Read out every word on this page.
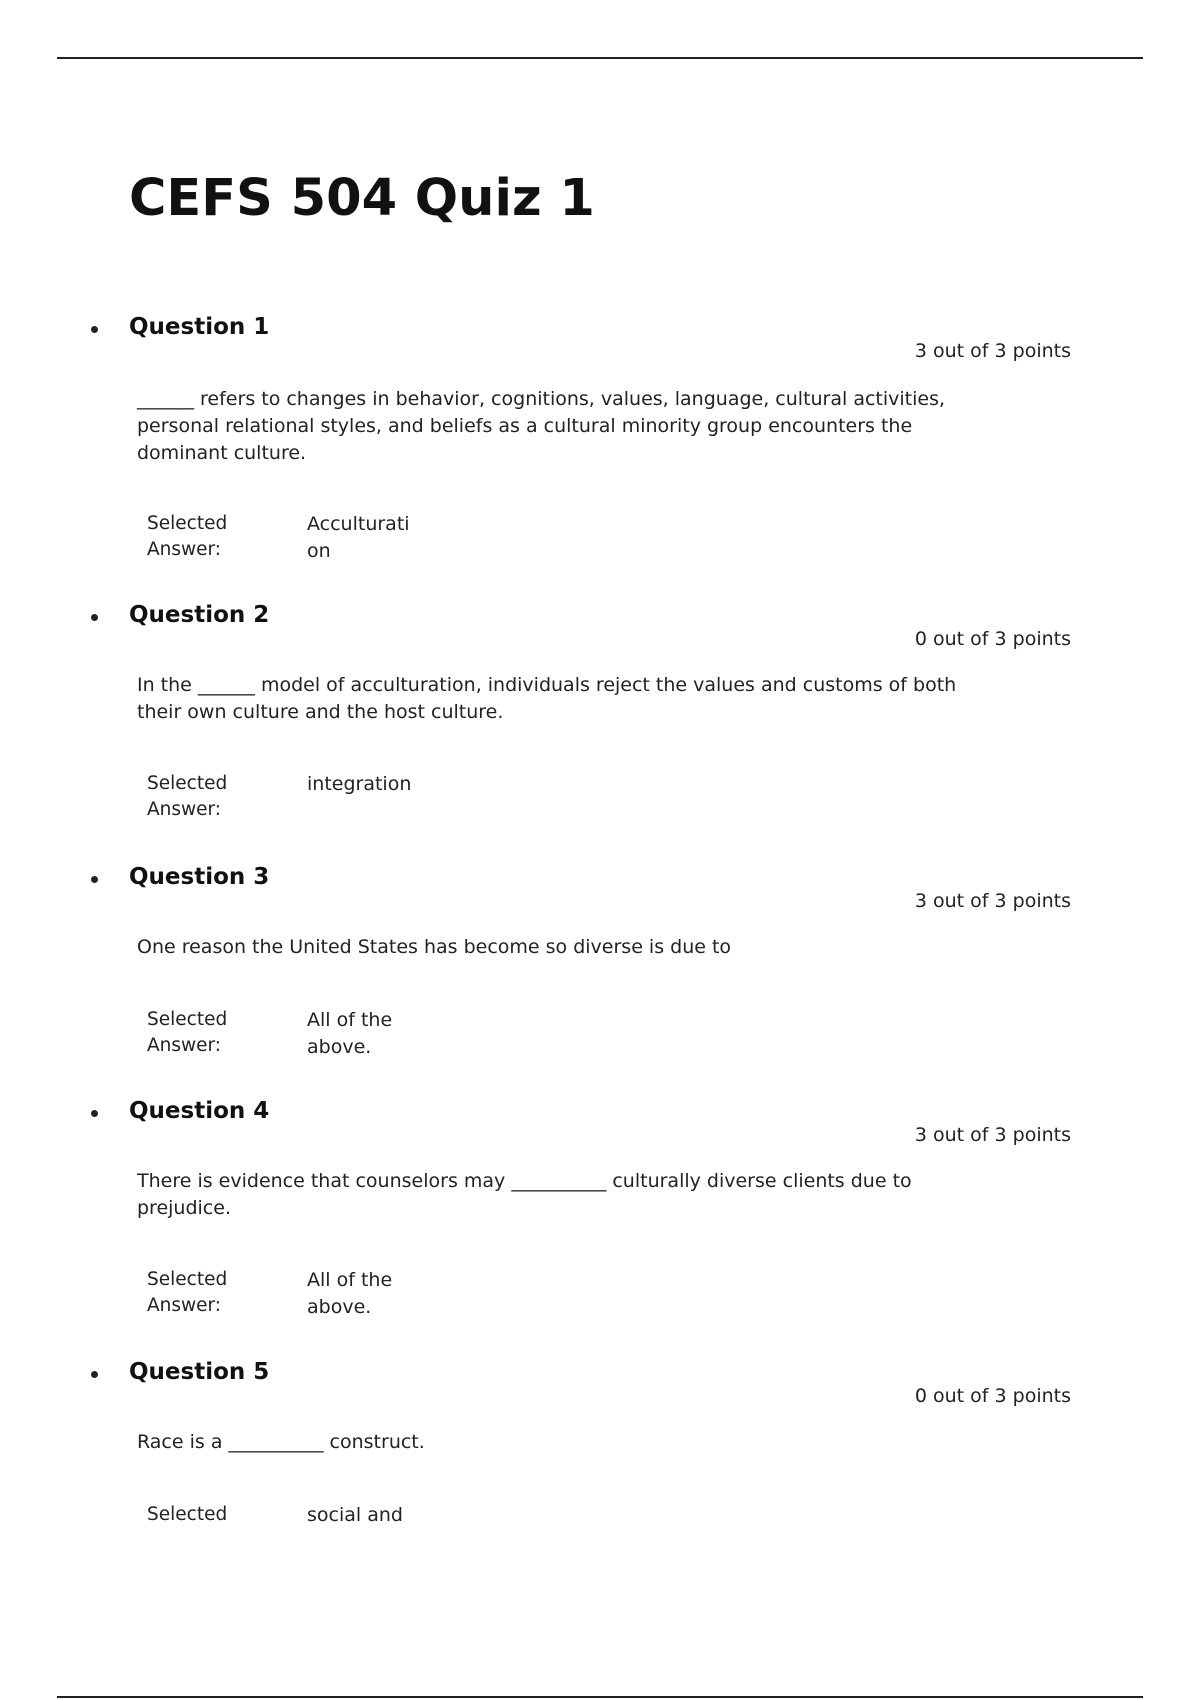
CEFS 504 Quiz 1
Question 1
3 out of 3 points
______ refers to changes in behavior, cognitions, values, language, cultural activities, personal relational styles, and beliefs as a cultural minority group encounters the dominant culture.
Selected Answer:
Acculturation
Question 2
0 out of 3 points
In the ______ model of acculturation, individuals reject the values and customs of both their own culture and the host culture.
Selected Answer:
integration
Question 3
3 out of 3 points
One reason the United States has become so diverse is due to
Selected Answer:
All of the above.
Question 4
3 out of 3 points
There is evidence that counselors may __________ culturally diverse clients due to prejudice.
Selected Answer:
All of the above.
Question 5
0 out of 3 points
Race is a __________ construct.
Selected	social and
